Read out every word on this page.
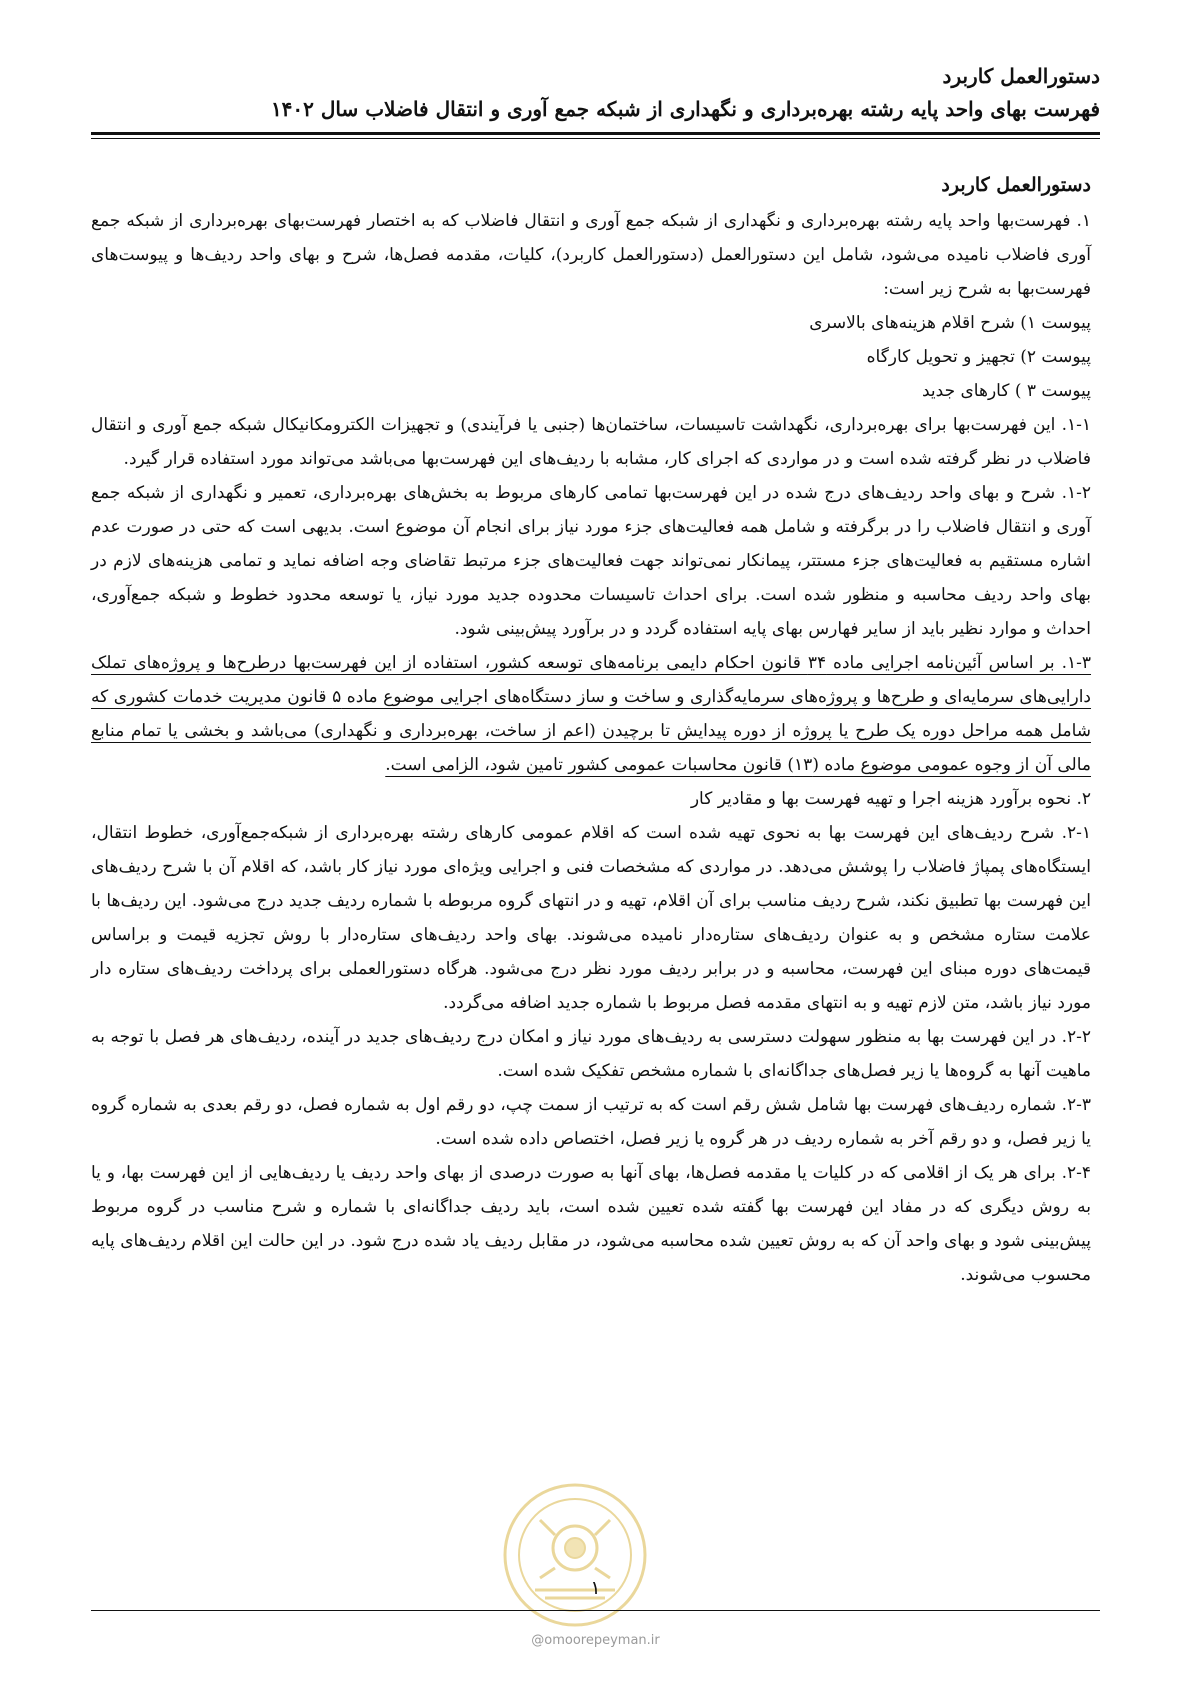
دستورالعمل کاربرد
فهرست بهای واحد پایه رشته بهره‌برداری و نگهداری از شبکه جمع آوری و انتقال فاضلاب سال ۱۴۰۲
دستورالعمل کاربرد

۱. فهرست‌بها واحد پایه رشته بهره‌برداری و نگهداری از شبکه جمع آوری و انتقال فاضلاب که به اختصار فهرست‌بهای بهره‌برداری از شبکه جمع آوری فاضلاب نامیده می‌شود، شامل این دستورالعمل (دستورالعمل کاربرد)، کلیات، مقدمه فصل‌ها، شرح و بهای واحد ردیف‌ها و پیوست‌های فهرست‌بها به شرح زیر است:

پیوست ۱) شرح اقلام هزینه‌های بالاسری

پیوست ۲) تجهیز و تحویل کارگاه

پیوست ۳ ) کارهای جدید

۱-۱. این فهرست‌بها برای بهره‌برداری، نگهداشت تاسیسات، ساختمان‌ها (جنبی یا فرآیندی) و تجهیزات الکترومکانیکال شبکه جمع آوری و انتقال فاضلاب در نظر گرفته شده است و در مواردی که اجرای کار، مشابه با ردیف‌های این فهرست‌بها می‌باشد می‌تواند مورد استفاده قرار گیرد.

۱-۲. شرح و بهای واحد ردیف‌های درج شده در این فهرست‌بها تمامی کارهای مربوط به بخش‌های بهره‌برداری، تعمیر و نگهداری از شبکه جمع آوری و انتقال فاضلاب را در برگرفته و شامل همه فعالیت‌های جزء مورد نیاز برای انجام آن موضوع است. بدیهی است که حتی در صورت عدم اشاره مستقیم به فعالیت‌های جزء مستتر، پیمانکار نمی‌تواند جهت فعالیت‌های جزء مرتبط تقاضای وجه اضافه نماید و تمامی هزینه‌های لازم در بهای واحد ردیف محاسبه و منظور شده است. برای احداث تاسیسات محدوده جدید مورد نیاز، یا توسعه محدود خطوط و شبکه جمع‌آوری، احداث و موارد نظیر باید از سایر فهارس بهای پایه استفاده گردد و در برآورد پیش‌بینی شود.

۱-۳. بر اساس آئین‌نامه اجرایی ماده ۳۴ قانون احکام دایمی برنامه‌های توسعه کشور، استفاده از این فهرست‌بها درطرح‌ها و پروژه‌های تملک دارایی‌های سرمایه‌ای و طرح‌ها و پروژه‌های سرمایه‌گذاری و ساخت و ساز دستگاه‌های اجرایی موضوع ماده ۵ قانون مدیریت خدمات کشوری که شامل همه مراحل دوره یک طرح یا پروژه از دوره پیدایش تا برچیدن (اعم از ساخت، بهره‌برداری و نگهداری) می‌باشد و بخشی یا تمام منابع مالی آن از وجوه عمومی موضوع ماده (۱۳) قانون محاسبات عمومی کشور تامین شود، الزامی است.

۲. نحوه برآورد هزینه اجرا و تهیه فهرست بها و مقادیر کار

۲-۱. شرح ردیف‌های این فهرست بها به نحوی تهیه شده است که اقلام عمومی کارهای رشته بهره‌برداری از شبکه‌جمع‌آوری، خطوط انتقال، ایستگاه‌های پمپاژ فاضلاب را پوشش می‌دهد. در مواردی که مشخصات فنی و اجرایی ویژه‌ای مورد نیاز کار باشد، که اقلام آن با شرح ردیف‌های این فهرست بها تطبیق نکند، شرح ردیف مناسب برای آن اقلام، تهیه و در انتهای گروه مربوطه با شماره ردیف جدید درج می‌شود. این ردیف‌ها با علامت ستاره مشخص و به عنوان ردیف‌های ستاره‌دار نامیده می‌شوند. بهای واحد ردیف‌های ستاره‌دار با روش تجزیه قیمت و براساس قیمت‌های دوره مبنای این فهرست، محاسبه و در برابر ردیف مورد نظر درج می‌شود. هرگاه دستورالعملی برای پرداخت ردیف‌های ستاره دار مورد نیاز باشد، متن لازم تهیه و به انتهای مقدمه فصل مربوط با شماره جدید اضافه می‌گردد.

۲-۲. در این فهرست بها به منظور سهولت دسترسی به ردیف‌های مورد نیاز و امکان درج ردیف‌های جدید در آینده، ردیف‌های هر فصل با توجه به ماهیت آنها به گروه‌ها یا زیر فصل‌های جداگانه‌ای با شماره مشخص تفکیک شده است.

۲-۳. شماره ردیف‌های فهرست بها شامل شش رقم است که به ترتیب از سمت چپ، دو رقم اول به شماره فصل، دو رقم بعدی به شماره گروه یا زیر فصل، و دو رقم آخر به شماره ردیف در هر گروه یا زیر فصل، اختصاص داده شده است.

۲-۴. برای هر یک از اقلامی که در کلیات یا مقدمه فصل‌ها، بهای آنها به صورت درصدی از بهای واحد ردیف یا ردیف‌هایی از این فهرست بها، و یا به روش دیگری که در مفاد این فهرست بها گفته شده تعیین شده است، باید ردیف جداگانه‌ای با شماره و شرح مناسب در گروه مربوط پیش‌بینی شود و بهای واحد آن که به روش تعیین شده محاسبه می‌شود، در مقابل ردیف یاد شده درج شود. در این حالت این اقلام ردیف‌های پایه محسوب می‌شوند.

۱
@omoorepeyman.ir
